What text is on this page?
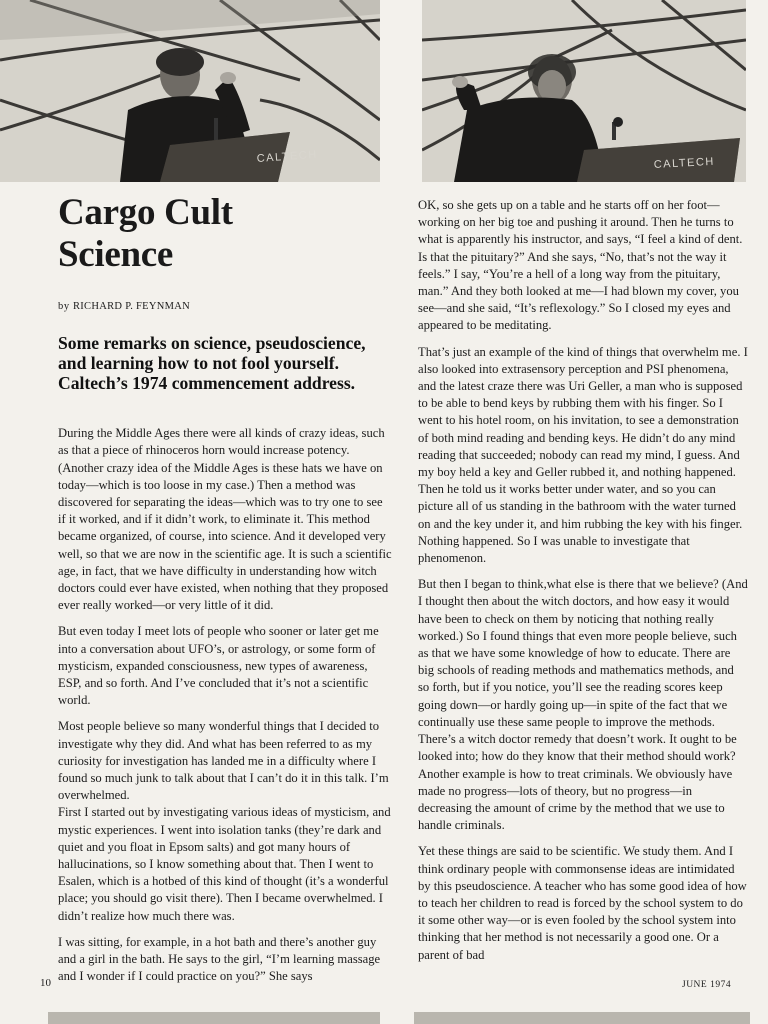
CALTECH	CALTECH
Cargo Cult
Science
by RICHARD P. FEYNMAN
Some remarks on science, pseudoscience, and learning how to not fool yourself. Caltech’s 1974 commencement address.

During the Middle Ages there were all kinds of crazy ideas, such as that a piece of rhinoceros horn would increase potency. (Another crazy idea of the Middle Ages is these hats we have on today—which is too loose in my case.) Then a method was discovered for separating the ideas—which was to try one to see if it worked, and if it didn’t work, to eliminate it. This method became organized, of course, into science. And it developed very well, so that we are now in the scientific age. It is such a scientific age, in fact, that we have difficulty in understanding how witch doctors could ever have existed, when nothing that they proposed ever really worked—or very little of it did.

But even today I meet lots of people who sooner or later get me into a conversation about UFO’s, or astrology, or some form of mysticism, expanded consciousness, new types of awareness, ESP, and so forth. And I’ve concluded that it’s not a scientific world.

Most people believe so many wonderful things that I decided to investigate why they did. And what has been referred to as my curiosity for investigation has landed me in a difficulty where I found so much junk to talk about that I can’t do it in this talk. I’m overwhelmed.
First I started out by investigating various ideas of mysticism, and mystic experiences. I went into isolation tanks (they’re dark and quiet and you float in Epsom salts) and got many hours of hallucinations, so I know something about that. Then I went to Esalen, which is a hotbed of this kind of thought (it’s a wonderful place; you should go visit there). Then I became overwhelmed. I didn’t realize how much there was.

I was sitting, for example, in a hot bath and there’s another guy and a girl in the bath. He says to the girl, “I’m learning massage and I wonder if I could practice on you?” She says

OK, so she gets up on a table and he starts off on her foot—working on her big toe and pushing it around. Then he turns to what is apparently his instructor, and says, “I feel a kind of dent. Is that the pituitary?” And she says, “No, that’s not the way it feels.” I say, “You’re a hell of a long way from the pituitary, man.” And they both looked at me—I had blown my cover, you see—and she said, “It’s reflexology.” So I closed my eyes and appeared to be meditating.

That’s just an example of the kind of things that overwhelm me. I also looked into extrasensory perception and PSI phenomena, and the latest craze there was Uri Geller, a man who is supposed to be able to bend keys by rubbing them with his finger. So I went to his hotel room, on his invitation, to see a demonstration of both mind reading and bending keys. He didn’t do any mind reading that succeeded; nobody can read my mind, I guess. And my boy held a key and Geller rubbed it, and nothing happened. Then he told us it works better under water, and so you can picture all of us standing in the bathroom with the water turned on and the key under it, and him rubbing the key with his finger. Nothing happened. So I was unable to investigate that phenomenon.

But then I began to think,what else is there that we believe? (And I thought then about the witch doctors, and how easy it would have been to check on them by noticing that nothing really worked.) So I found things that even more people believe, such as that we have some knowledge of how to educate. There are big schools of reading methods and mathematics methods, and so forth, but if you notice, you’ll see the reading scores keep going down—or hardly going up—in spite of the fact that we continually use these same people to improve the methods. There’s a witch doctor remedy that doesn’t work. It ought to be looked into; how do they know that their method should work? Another example is how to treat criminals. We obviously have made no progress—lots of theory, but no progress—in decreasing the amount of crime by the method that we use to handle criminals.

Yet these things are said to be scientific. We study them. And I think ordinary people with commonsense ideas are intimidated by this pseudoscience. A teacher who has some good idea of how to teach her children to read is forced by the school system to do it some other way—or is even fooled by the school system into thinking that her method is not necessarily a good one. Or a parent of bad

10	JUNE 1974
